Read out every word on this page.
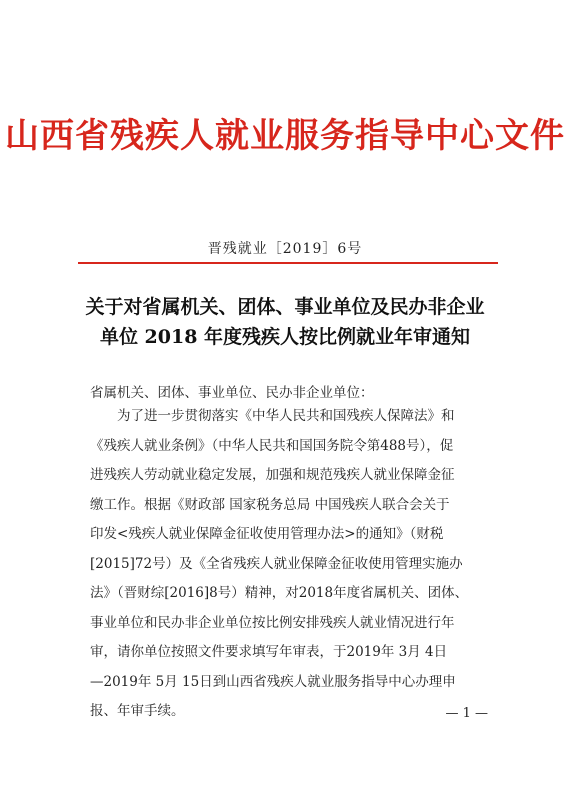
山西省残疾人就业服务指导中心文件
晋残就业［2019］6号
关于对省属机关、团体、事业单位及民办非企业
单位 2018 年度残疾人按比例就业年审通知
省属机关、团体、事业单位、民办非企业单位：
　　为了进一步贯彻落实《中华人民共和国残疾人保障法》和
《残疾人就业条例》（中华人民共和国国务院令第488号），促
进残疾人劳动就业稳定发展，加强和规范残疾人就业保障金征
缴工作。根据《财政部 国家税务总局 中国残疾人联合会关于
印发<残疾人就业保障金征收使用管理办法>的通知》（财税
[2015]72号）及《全省残疾人就业保障金征收使用管理实施办
法》（晋财综[2016]8号）精神，对2018年度省属机关、团体、
事业单位和民办非企业单位按比例安排残疾人就业情况进行年
审，请你单位按照文件要求填写年审表，于2019年 3月 4日
—2019年 5月 15日到山西省残疾人就业服务指导中心办理申
报、年审手续。	— 1 —
